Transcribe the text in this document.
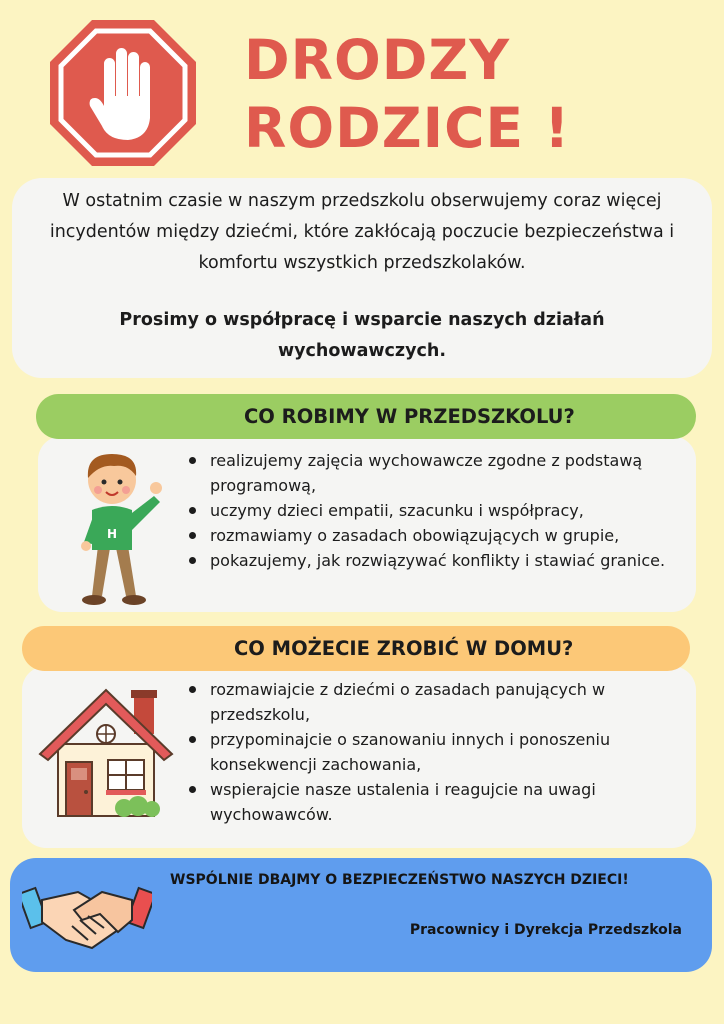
DRODZY
RODZICE !

W ostatnim czasie w naszym przedszkolu obserwujemy coraz więcej incydentów między dziećmi, które zakłócają poczucie bezpieczeństwa i komfortu wszystkich przedszkolaków.

Prosimy o współpracę i wsparcie naszych działań wychowawczych.

CO ROBIMY W PRZEDSZKOLU?
H
realizujemy zajęcia wychowawcze zgodne z podstawą programową,
uczymy dzieci empatii, szacunku i współpracy,
rozmawiamy o zasadach obowiązujących w grupie,
pokazujemy, jak rozwiązywać konflikty i stawiać granice.
CO MOŻECIE ZROBIĆ W DOMU?
rozmawiajcie z dziećmi o zasadach panujących w przedszkolu,
przypominajcie o szanowaniu innych i ponoszeniu konsekwencji zachowania,
wspierajcie nasze ustalenia i reagujcie na uwagi wychowawców.
WSPÓLNIE DBAJMY O BEZPIECZEŃSTWO NASZYCH DZIECI!
Pracownicy i Dyrekcja Przedszkola
